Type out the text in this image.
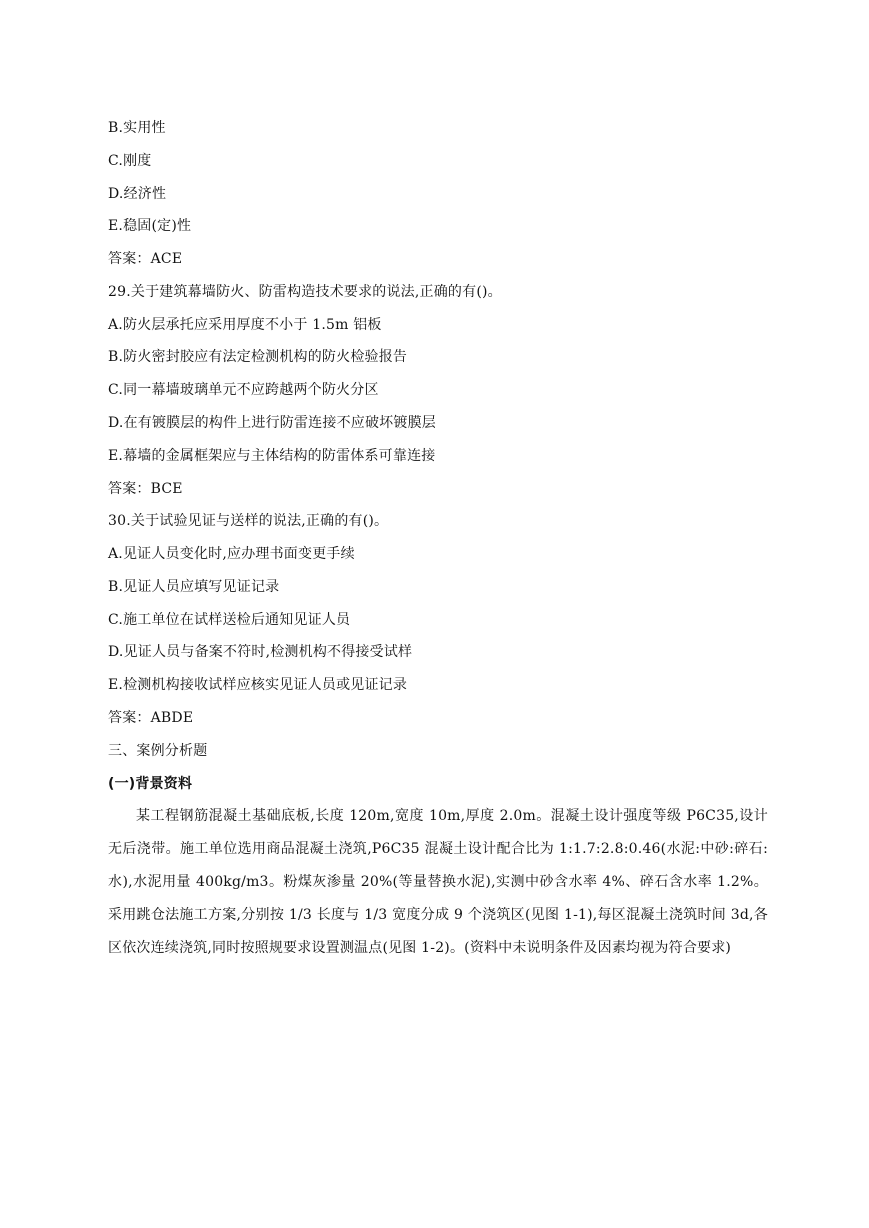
B.实用性
C.刚度
D.经济性
E.稳固(定)性
答案：ACE
29.关于建筑幕墙防火、防雷构造技术要求的说法,正确的有()。
A.防火层承托应采用厚度不小于 1.5m 铝板
B.防火密封胶应有法定检测机构的防火检验报告
C.同一幕墙玻璃单元不应跨越两个防火分区
D.在有镀膜层的构件上进行防雷连接不应破坏镀膜层
E.幕墙的金属框架应与主体结构的防雷体系可靠连接
答案：BCE
30.关于试验见证与送样的说法,正确的有()。
A.见证人员变化时,应办理书面变更手续
B.见证人员应填写见证记录
C.施工单位在试样送检后通知见证人员
D.见证人员与备案不符时,检测机构不得接受试样
E.检测机构接收试样应核实见证人员或见证记录
答案：ABDE
三、案例分析题
(一)背景资料
某工程钢筋混凝土基础底板,长度 120m,宽度 10m,厚度 2.0m。混凝土设计强度等级 P6C35,设计无后浇带。施工单位选用商品混凝土浇筑,P6C35 混凝土设计配合比为 1:1.7:2.8:0.46(水泥:中砂:碎石:水),水泥用量 400kg/m3。粉煤灰渗量 20%(等量替换水泥),实测中砂含水率 4%、碎石含水率 1.2%。采用跳仓法施工方案,分别按 1/3 长度与 1/3 宽度分成 9 个浇筑区(见图 1-1),每区混凝土浇筑时间 3d,各区依次连续浇筑,同时按照规要求设置测温点(见图 1-2)。(资料中未说明条件及因素均视为符合要求)
